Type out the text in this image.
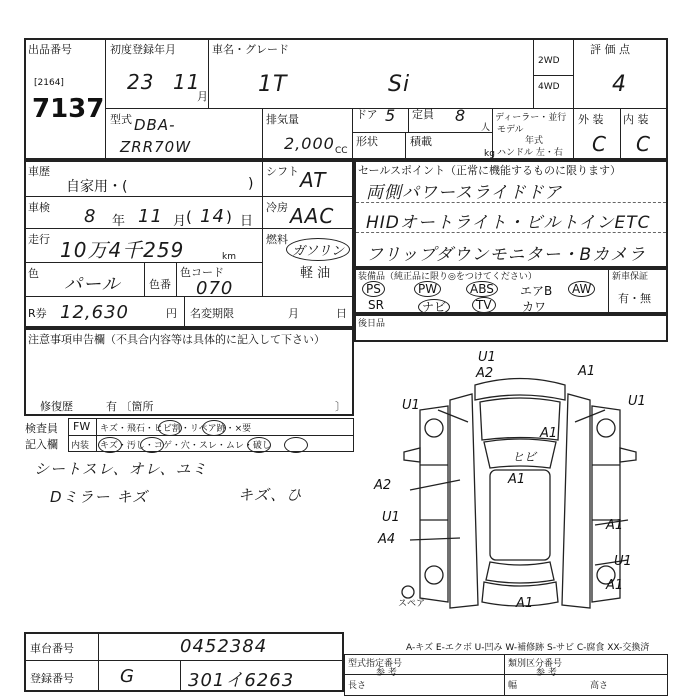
出品番号
[2164]
7137
初度登録年月
23 11
月
車名・グレード
1T	Si
2WD
4WD
評 価 点
4
外 装 内 装
C C
型式 DBA-
ZRR70W
排気量
2,000 CC
ドア 5 定員 8
人
形状	積載
kg
ディーラー・並行
モデル
年式
ハンドル 左・右
車歴
自家用・(	)
シフト AT
車検 8 年 11 月 ( 14 ) 日
冷房 AAC
走行 10万4千259	km
燃料
ガソリン
軽 油
色
パール	色番
色コード
070
R券 12,630	円 名変期限	月	日
注意事項申告欄（不具合内容等は具体的に記入して下さい）
修復歴	有 〔箇所	〕
検査員
記入欄
FW キズ・飛石・ヒビ割・リペア跡・×要
内装 キズ・汚し・コゲ・穴・スレ・ムレ・破し
シートスレ、オレ、ユミ
Dミラー キズ	キズ、ひ
セールスポイント（正常に機能するものに限ります）
両側パワースライドドア
HIDオートライト・ビルトインETC
フリップダウンモニター・Bカメラ
装備品（純正品に限り◎をつけてください）	新車保証
有・無
PS	PW	ABS	エアB	AW
SR	ナビ	TV	カワ
後日品
U1
A2	A1
U1	U1
A1
ヒビ
A1
A2
U1
A1
A4
U1
A1
A1
スペア
車台番号	0452384
登録番号	G	301イ6263
A-キズ E-エクボ U-凹み W-補修跡 S-サビ C-腐食 XX-交換済
型式指定番号
参 考
類別区分番号
参 考
長さ	幅	高さ
